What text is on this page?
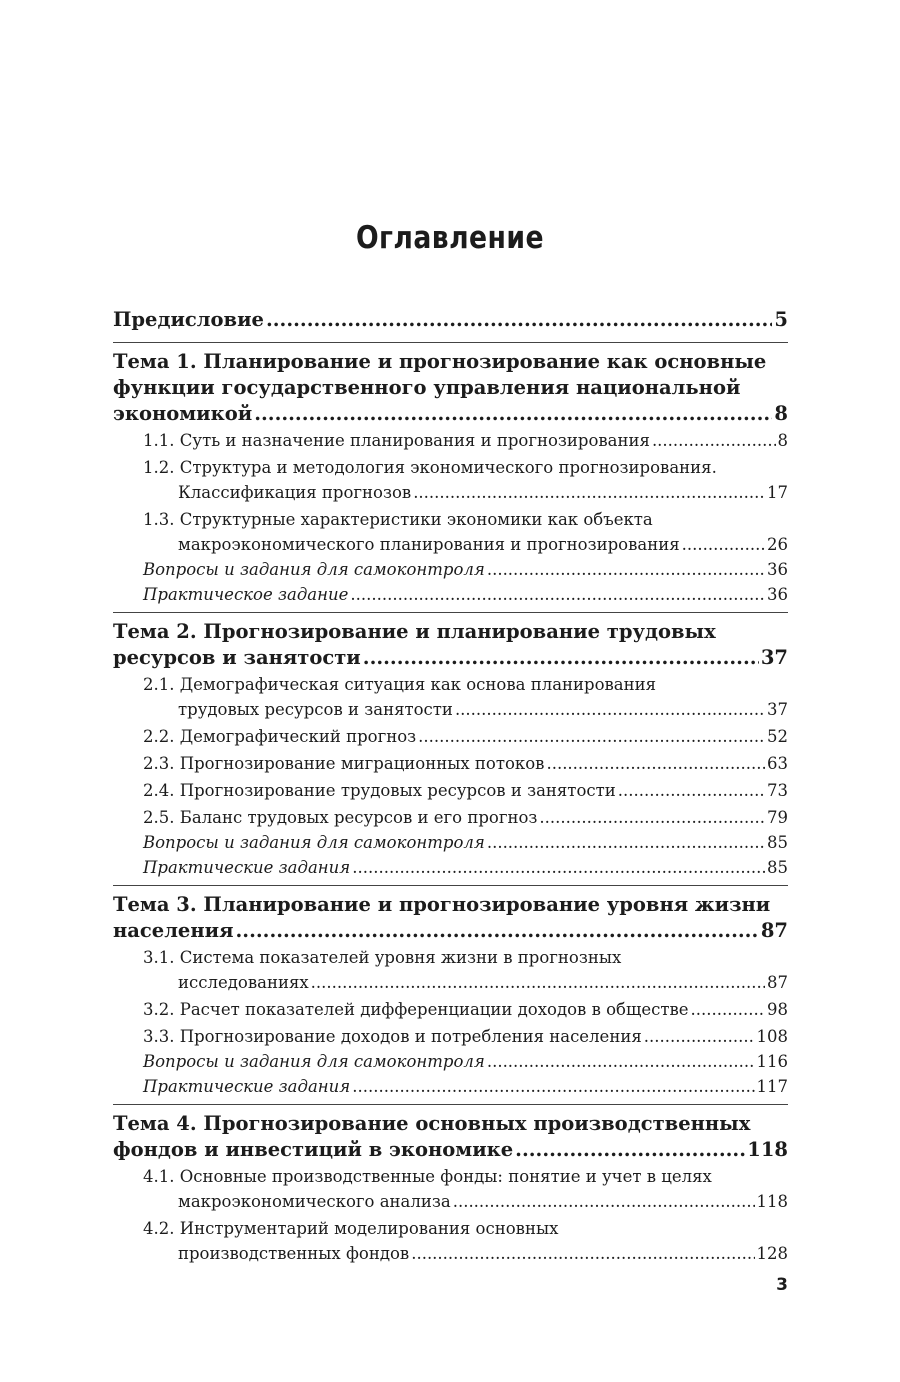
Оглавление
Предисловие .....	5
Тема 1. Планирование и прогнозирование как основные
функции государственного управления национальной
экономикой .....	8
1.1. Суть и назначение планирования и прогнозирования .....	8
1.2. Структура и методология экономического прогнозирования.
Классификация прогнозов .....	17
1.3. Структурные характеристики экономики как объекта
макроэкономического планирования и прогнозирования .....	26
Вопросы и задания для самоконтроля .....	36
Практическое задание .....	36
Тема 2. Прогнозирование и планирование трудовых
ресурсов и занятости .....	37
2.1. Демографическая ситуация как основа планирования
трудовых ресурсов и занятости .....	37
2.2. Демографический прогноз .....	52
2.3. Прогнозирование миграционных потоков .....	63
2.4. Прогнозирование трудовых ресурсов и занятости .....	73
2.5. Баланс трудовых ресурсов и его прогноз .....	79
Вопросы и задания для самоконтроля .....	85
Практические задания .....	85
Тема 3. Планирование и прогнозирование уровня жизни
населения .....	87
3.1. Система показателей уровня жизни в прогнозных
исследованиях .....	87
3.2. Расчет показателей дифференциации доходов в обществе .....	98
3.3. Прогнозирование доходов и потребления населения .....	108
Вопросы и задания для самоконтроля .....	116
Практические задания .....	117
Тема 4. Прогнозирование основных производственных
фондов и инвестиций в экономике .....	118
4.1. Основные производственные фонды: понятие и учет в целях
макроэкономического анализа .....	118
4.2. Инструментарий моделирования основных
производственных фондов .....	128
3
